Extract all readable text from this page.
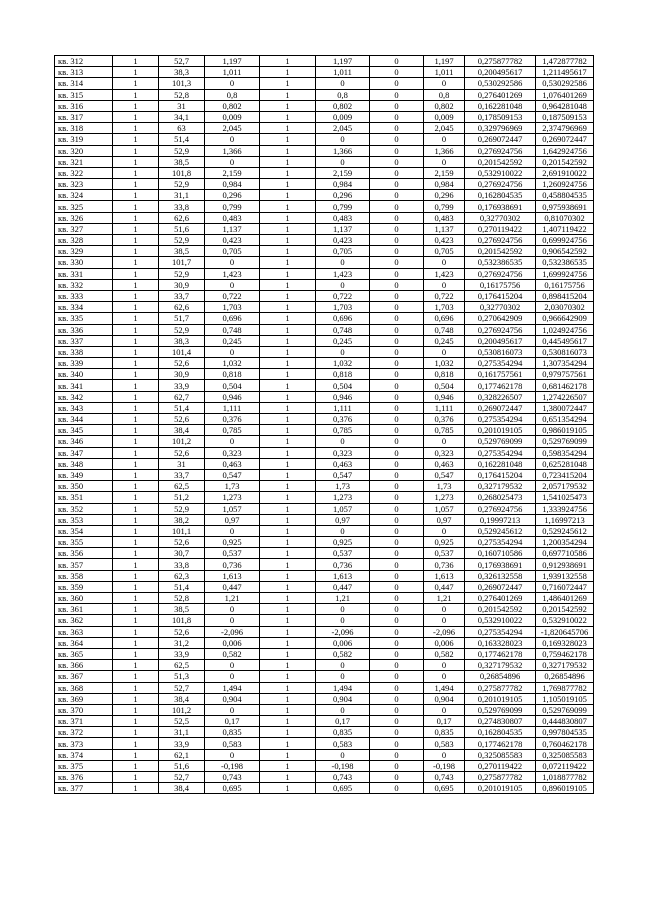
кв. 312	1	52,7	1,197	1	1,197	0	1,197	0,275877782	1,472877782
кв. 313	1	38,3	1,011	1	1,011	0	1,011	0,200495617	1,211495617
кв. 314	1	101,3	0	1	0	0	0	0,530292586	0,530292586
кв. 315	1	52,8	0,8	1	0,8	0	0,8	0,276401269	1,076401269
кв. 316	1	31	0,802	1	0,802	0	0,802	0,162281048	0,964281048
кв. 317	1	34,1	0,009	1	0,009	0	0,009	0,178509153	0,187509153
кв. 318	1	63	2,045	1	2,045	0	2,045	0,329796969	2,374796969
кв. 319	1	51,4	0	1	0	0	0	0,269072447	0,269072447
кв. 320	1	52,9	1,366	1	1,366	0	1,366	0,276924756	1,642924756
кв. 321	1	38,5	0	1	0	0	0	0,201542592	0,201542592
кв. 322	1	101,8	2,159	1	2,159	0	2,159	0,532910022	2,691910022
кв. 323	1	52,9	0,984	1	0,984	0	0,984	0,276924756	1,260924756
кв. 324	1	31,1	0,296	1	0,296	0	0,296	0,162804535	0,458804535
кв. 325	1	33,8	0,799	1	0,799	0	0,799	0,176938691	0,975938691
кв. 326	1	62,6	0,483	1	0,483	0	0,483	0,32770302	0,81070302
кв. 327	1	51,6	1,137	1	1,137	0	1,137	0,270119422	1,407119422
кв. 328	1	52,9	0,423	1	0,423	0	0,423	0,276924756	0,699924756
кв. 329	1	38,5	0,705	1	0,705	0	0,705	0,201542592	0,906542592
кв. 330	1	101,7	0	1	0	0	0	0,532386535	0,532386535
кв. 331	1	52,9	1,423	1	1,423	0	1,423	0,276924756	1,699924756
кв. 332	1	30,9	0	1	0	0	0	0,16175756	0,16175756
кв. 333	1	33,7	0,722	1	0,722	0	0,722	0,176415204	0,898415204
кв. 334	1	62,6	1,703	1	1,703	0	1,703	0,32770302	2,03070302
кв. 335	1	51,7	0,696	1	0,696	0	0,696	0,270642909	0,966642909
кв. 336	1	52,9	0,748	1	0,748	0	0,748	0,276924756	1,024924756
кв. 337	1	38,3	0,245	1	0,245	0	0,245	0,200495617	0,445495617
кв. 338	1	101,4	0	1	0	0	0	0,530816073	0,530816073
кв. 339	1	52,6	1,032	1	1,032	0	1,032	0,275354294	1,307354294
кв. 340	1	30,9	0,818	1	0,818	0	0,818	0,161757561	0,979757561
кв. 341	1	33,9	0,504	1	0,504	0	0,504	0,177462178	0,681462178
кв. 342	1	62,7	0,946	1	0,946	0	0,946	0,328226507	1,274226507
кв. 343	1	51,4	1,111	1	1,111	0	1,111	0,269072447	1,380072447
кв. 344	1	52,6	0,376	1	0,376	0	0,376	0,275354294	0,651354294
кв. 345	1	38,4	0,785	1	0,785	0	0,785	0,201019105	0,986019105
кв. 346	1	101,2	0	1	0	0	0	0,529769099	0,529769099
кв. 347	1	52,6	0,323	1	0,323	0	0,323	0,275354294	0,598354294
кв. 348	1	31	0,463	1	0,463	0	0,463	0,162281048	0,625281048
кв. 349	1	33,7	0,547	1	0,547	0	0,547	0,176415204	0,723415204
кв. 350	1	62,5	1,73	1	1,73	0	1,73	0,327179532	2,057179532
кв. 351	1	51,2	1,273	1	1,273	0	1,273	0,268025473	1,541025473
кв. 352	1	52,9	1,057	1	1,057	0	1,057	0,276924756	1,333924756
кв. 353	1	38,2	0,97	1	0,97	0	0,97	0,19997213	1,16997213
кв. 354	1	101,1	0	1	0	0	0	0,529245612	0,529245612
кв. 355	1	52,6	0,925	1	0,925	0	0,925	0,275354294	1,200354294
кв. 356	1	30,7	0,537	1	0,537	0	0,537	0,160710586	0,697710586
кв. 357	1	33,8	0,736	1	0,736	0	0,736	0,176938691	0,912938691
кв. 358	1	62,3	1,613	1	1,613	0	1,613	0,326132558	1,939132558
кв. 359	1	51,4	0,447	1	0,447	0	0,447	0,269072447	0,716072447
кв. 360	1	52,8	1,21	1	1,21	0	1,21	0,276401269	1,486401269
кв. 361	1	38,5	0	1	0	0	0	0,201542592	0,201542592
кв. 362	1	101,8	0	1	0	0	0	0,532910022	0,532910022
кв. 363	1	52,6	-2,096	1	-2,096	0	-2,096	0,275354294	-1,820645706
кв. 364	1	31,2	0,006	1	0,006	0	0,006	0,163328023	0,169328023
кв. 365	1	33,9	0,582	1	0,582	0	0,582	0,177462178	0,759462178
кв. 366	1	62,5	0	1	0	0	0	0,327179532	0,327179532
кв. 367	1	51,3	0	1	0	0	0	0,26854896	0,26854896
кв. 368	1	52,7	1,494	1	1,494	0	1,494	0,275877782	1,769877782
кв. 369	1	38,4	0,904	1	0,904	0	0,904	0,201019105	1,105019105
кв. 370	1	101,2	0	1	0	0	0	0,529769099	0,529769099
кв. 371	1	52,5	0,17	1	0,17	0	0,17	0,274830807	0,444830807
кв. 372	1	31,1	0,835	1	0,835	0	0,835	0,162804535	0,997804535
кв. 373	1	33,9	0,583	1	0,583	0	0,583	0,177462178	0,760462178
кв. 374	1	62,1	0	1	0	0	0	0,325085583	0,325085583
кв. 375	1	51,6	-0,198	1	-0,198	0	-0,198	0,270119422	0,072119422
кв. 376	1	52,7	0,743	1	0,743	0	0,743	0,275877782	1,018877782
кв. 377	1	38,4	0,695	1	0,695	0	0,695	0,201019105	0,896019105
